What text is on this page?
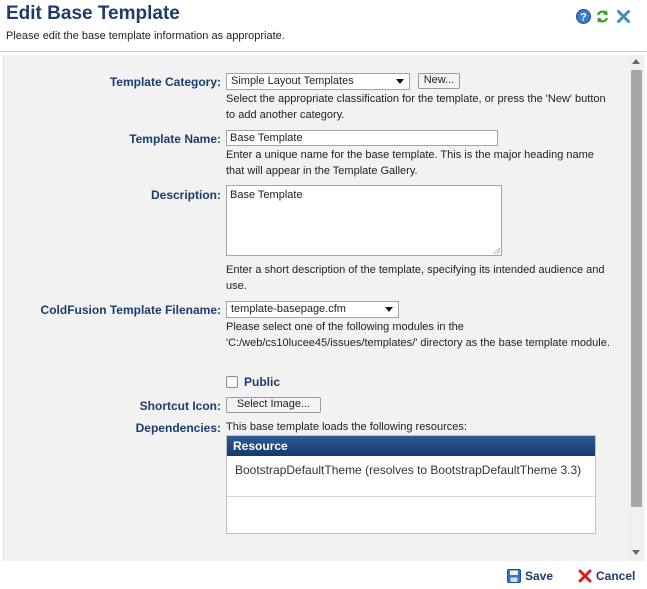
Edit Base Template
Please edit the base template information as appropriate.
?
Template Category: Simple Layout Templates	New...
Select the appropriate classification for the template, or press the 'New' button to add another category.
Template Name: Base Template
Enter a unique name for the base template. This is the major heading name that will appear in the Template Gallery.
Description: Base Template
Enter a short description of the template, specifying its intended audience and use.
ColdFusion Template Filename: template-basepage.cfm
Please select one of the following modules in the 'C:/web/cs10lucee45/issues/templates/' directory as the base template module.
Public
Shortcut Icon:	Select Image...
Dependencies: This base template loads the following resources:
Resource
BootstrapDefaultTheme (resolves to BootstrapDefaultTheme 3.3)
Save	Cancel
